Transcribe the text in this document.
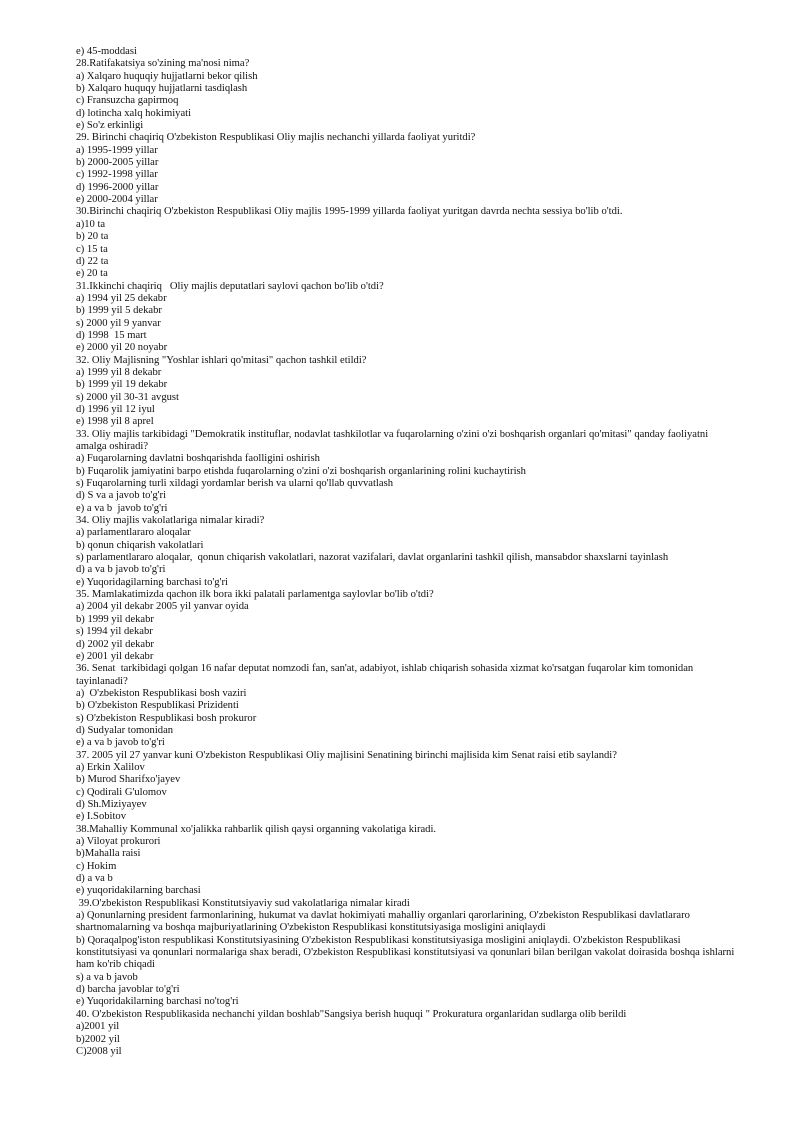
e) 45-moddasi
28.Ratifakatsiya so'zining ma'nosi nima?
a) Xalqaro huquqiy hujjatlarni bekor qilish
b) Xalqaro huquqy hujjatlarni tasdiqlash
c) Fransuzcha gapirmoq
d) lotincha xalq hokimiyati
e) So'z erkinligi
29. Birinchi chaqiriq O'zbekiston Respublikasi Oliy majlis nechanchi yillarda faoliyat yuritdi?
a) 1995-1999 yillar
b) 2000-2005 yillar
c) 1992-1998 yillar
d) 1996-2000 yillar
e) 2000-2004 yillar
30.Birinchi chaqiriq O'zbekiston Respublikasi Oliy majlis 1995-1999 yillarda faoliyat yuritgan davrda nechta sessiya bo'lib o'tdi.
a)10 ta
b) 20 ta
c) 15 ta
d) 22 ta
e) 20 ta
31.Ikkinchi chaqiriq   Oliy majlis deputatlari saylovi qachon bo'lib o'tdi?
a) 1994 yil 25 dekabr
b) 1999 yil 5 dekabr
s) 2000 yil 9 yanvar
d) 1998  15 mart
e) 2000 yil 20 noyabr
32. Oliy Majlisning "Yoshlar ishlari qo'mitasi" qachon tashkil etildi?
a) 1999 yil 8 dekabr
b) 1999 yil 19 dekabr
s) 2000 yil 30-31 avgust
d) 1996 yil 12 iyul
e) 1998 yil 8 aprel
33. Oliy majlis tarkibidagi "Demokratik instituflar, nodavlat tashkilotlar va fuqarolarning o'zini o'zi boshqarish organlari qo'mitasi" qanday faoliyatni amalga oshiradi?
a) Fuqarolarning davlatni boshqarishda faolligini oshirish
b) Fuqarolik jamiyatini barpo etishda fuqarolarning o'zini o'zi boshqarish organlarining rolini kuchaytirish
s) Fuqarolarning turli xildagi yordamlar berish va ularni qo'llab quvvatlash
d) S va a javob to'g'ri
e) a va b  javob to'g'ri
34. Oliy majlis vakolatlariga nimalar kiradi?
a) parlamentlararo aloqalar
b) qonun chiqarish vakolatlari
s) parlamentlararo aloqalar,  qonun chiqarish vakolatlari, nazorat vazifalari, davlat organlarini tashkil qilish, mansabdor shaxslarni tayinlash
d) a va b javob to'g'ri
e) Yuqoridagilarning barchasi to'g'ri
35. Mamlakatimizda qachon ilk bora ikki palatali parlamentga saylovlar bo'lib o'tdi?
a) 2004 yil dekabr 2005 yil yanvar oyida
b) 1999 yil dekabr
s) 1994 yil dekabr
d) 2002 yil dekabr
e) 2001 yil dekabr
36. Senat  tarkibidagi qolgan 16 nafar deputat nomzodi fan, san'at, adabiyot, ishlab chiqarish sohasida xizmat ko'rsatgan fuqarolar kim tomonidan tayinlanadi?
a)  O'zbekiston Respublikasi bosh vaziri
b) O'zbekiston Respublikasi Prizidenti
s) O'zbekiston Respublikasi bosh prokuror
d) Sudyalar tomonidan
e) a va b javob to'g'ri
37. 2005 yil 27 yanvar kuni O'zbekiston Respublikasi Oliy majlisini Senatining birinchi majlisida kim Senat raisi etib saylandi?
a) Erkin Xalilov
b) Murod Sharifxo'jayev
c) Qodirali G'ulomov
d) Sh.Miziyayev
e) I.Sobitov
38.Mahalliy Kommunal xo'jalikka rahbarlik qilish qaysi organning vakolatiga kiradi.
a) Viloyat prokurori
b)Mahalla raisi
c) Hokim
d) a va b
e) yuqoridakilarning barchasi
39.O'zbekiston Respublikasi Konstitutsiyaviy sud vakolatlariga nimalar kiradi
a) Qonunlarning president farmonlarining, hukumat va davlat hokimiyati mahalliy organlari qarorlarining, O'zbekiston Respublikasi davlatlararo shartnomalarning va boshqa majburiyatlarining O'zbekiston Respublikasi konstitutsiyasiga mosligini aniqlaydi
b) Qoraqalpog'iston respublikasi Konstitutsiyasining O'zbekiston Respublikasi konstitutsiyasiga mosligini aniqlaydi. O'zbekiston Respublikasi konstitutsiyasi va qonunlari normalariga shax beradi, O'zbekiston Respublikasi konstitutsiyasi va qonunlari bilan berilgan vakolat doirasida boshqa ishlarni ham ko'rib chiqadi
s) a va b javob
d) barcha javoblar to'g'ri
e) Yuqoridakilarning barchasi no'tog'ri
40. O'zbekiston Respublikasida nechanchi yildan boshlab"Sangsiya berish huquqi " Prokuratura organlaridan sudlarga olib berildi
a)2001 yil
b)2002 yil
C)2008 yil
